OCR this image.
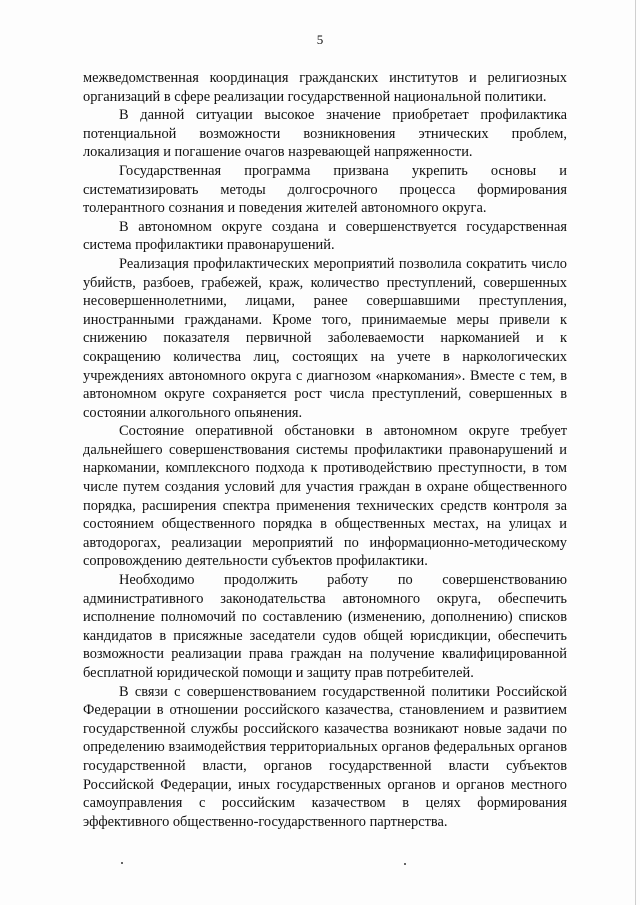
5

межведомственная координация гражданских институтов и религиозных организаций в сфере реализации государственной национальной политики.

В данной ситуации высокое значение приобретает профилактика потенциальной возможности возникновения этнических проблем, локализация и погашение очагов назревающей напряженности.

Государственная программа призвана укрепить основы и систематизировать методы долгосрочного процесса формирования толерантного сознания и поведения жителей автономного округа.

В автономном округе создана и совершенствуется государственная система профилактики правонарушений.

Реализация профилактических мероприятий позволила сократить число убийств, разбоев, грабежей, краж, количество преступлений, совершенных несовершеннолетними, лицами, ранее совершавшими преступления, иностранными гражданами. Кроме того, принимаемые меры привели к снижению показателя первичной заболеваемости наркоманией и к сокращению количества лиц, состоящих на учете в наркологических учреждениях автономного округа с диагнозом «наркомания». Вместе с тем, в автономном округе сохраняется рост числа преступлений, совершенных в состоянии алкогольного опьянения.

Состояние оперативной обстановки в автономном округе требует дальнейшего совершенствования системы профилактики правонарушений и наркомании, комплексного подхода к противодействию преступности, в том числе путем создания условий для участия граждан в охране общественного порядка, расширения спектра применения технических средств контроля за состоянием общественного порядка в общественных местах, на улицах и автодорогах, реализации мероприятий по информационно-методическому сопровождению деятельности субъектов профилактики.

Необходимо продолжить работу по совершенствованию административного законодательства автономного округа, обеспечить исполнение полномочий по составлению (изменению, дополнению) списков кандидатов в присяжные заседатели судов общей юрисдикции, обеспечить возможности реализации права граждан на получение квалифицированной бесплатной юридической помощи и защиту прав потребителей.

В связи с совершенствованием государственной политики Российской Федерации в отношении российского казачества, становлением и развитием государственной службы российского казачества возникают новые задачи по определению взаимодействия территориальных органов федеральных органов государственной власти, органов государственной власти субъектов Российской Федерации, иных государственных органов и органов местного самоуправления с российским казачеством в целях формирования эффективного общественно-государственного партнерства.
